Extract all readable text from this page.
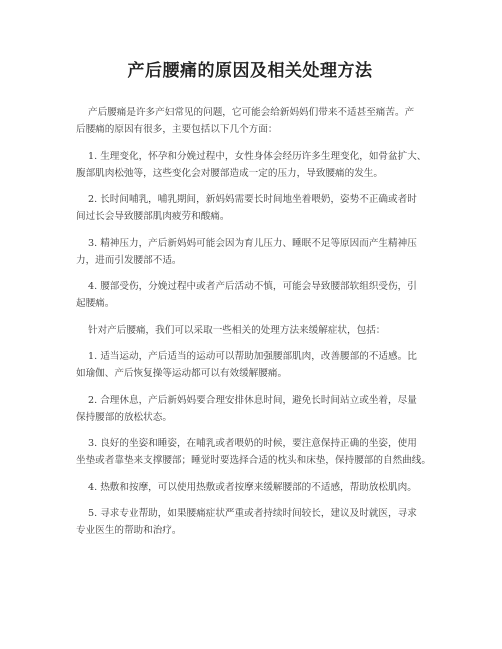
产后腰痛的原因及相关处理方法

产后腰痛是许多产妇常见的问题，它可能会给新妈妈们带来不适甚至痛苦。产
后腰痛的原因有很多，主要包括以下几个方面：

1. 生理变化，怀孕和分娩过程中，女性身体会经历许多生理变化，如骨盆扩大、
腹部肌肉松弛等，这些变化会对腰部造成一定的压力，导致腰痛的发生。

2. 长时间哺乳，哺乳期间，新妈妈需要长时间地坐着喂奶，姿势不正确或者时
间过长会导致腰部肌肉疲劳和酸痛。

3. 精神压力，产后新妈妈可能会因为育儿压力、睡眠不足等原因而产生精神压
力，进而引发腰部不适。

4. 腰部受伤，分娩过程中或者产后活动不慎，可能会导致腰部软组织受伤，引
起腰痛。

针对产后腰痛，我们可以采取一些相关的处理方法来缓解症状，包括：

1. 适当运动，产后适当的运动可以帮助加强腰部肌肉，改善腰部的不适感。比
如瑜伽、产后恢复操等运动都可以有效缓解腰痛。

2. 合理休息，产后新妈妈要合理安排休息时间，避免长时间站立或坐着，尽量
保持腰部的放松状态。

3. 良好的坐姿和睡姿，在哺乳或者喂奶的时候，要注意保持正确的坐姿，使用
坐垫或者靠垫来支撑腰部；睡觉时要选择合适的枕头和床垫，保持腰部的自然曲线。

4. 热敷和按摩，可以使用热敷或者按摩来缓解腰部的不适感，帮助放松肌肉。

5. 寻求专业帮助，如果腰痛症状严重或者持续时间较长，建议及时就医，寻求
专业医生的帮助和治疗。
